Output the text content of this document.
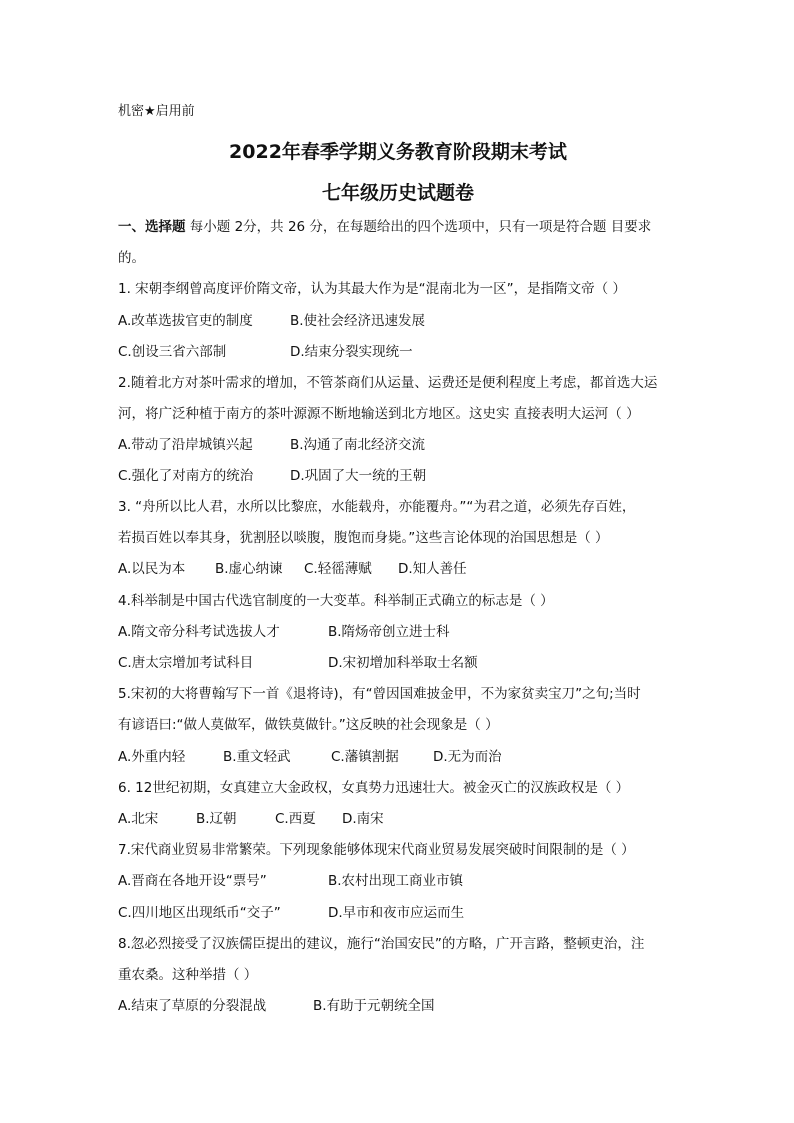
机密★启用前
2022年春季学期义务教育阶段期末考试
七年级历史试题卷
一、选择题 每小题 2分，共 26 分，在每题给出的四个选项中，只有一项是符合题 目要求
的。
1. 宋朝李纲曾高度评价隋文帝，认为其最大作为是“混南北为一区”，是指隋文帝（ ）
A.改革选拔官吏的制度	B.使社会经济迅速发展
C.创设三省六部制	D.结束分裂实现统一
2.随着北方对茶叶需求的增加，不管茶商们从运量、运费还是便利程度上考虑，都首选大运
河，将广泛种植于南方的茶叶源源不断地输送到北方地区。这史实 直接表明大运河（ ）
A.带动了沿岸城镇兴起	B.沟通了南北经济交流
C.强化了对南方的统治	D.巩固了大一统的王朝
3. “舟所以比人君，水所以比黎庶，水能载舟，亦能覆舟。”“为君之道，必须先存百姓，
若损百姓以奉其身，犹割胫以啖腹，腹饱而身毙。”这些言论体现的治国思想是（ ）
A.以民为本 B.虚心纳谏 C.轻徭薄赋 D.知人善任
4.科举制是中国古代选官制度的一大变革。科举制正式确立的标志是（ ）
A.隋文帝分科考试选拔人才	B.隋炀帝创立进士科
C.唐太宗增加考试科目	D.宋初增加科举取士名额
5.宋初的大将曹翰写下一首《退将诗)，有“曾因国难披金甲，不为家贫卖宝刀”之句;当时
有谚语曰:“做人莫做军，做铁莫做针。”这反映的社会现象是（ ）
A.外重内轻	B.重文轻武	C.藩镇割据	D.无为而治
6. 12世纪初期，女真建立大金政权，女真势力迅速壮大。被金灭亡的汉族政权是（ ）
A.北宋	B.辽朝	C.西夏 D.南宋
7.宋代商业贸易非常繁荣。下列现象能够体现宋代商业贸易发展突破时间限制的是（ ）
A.晋商在各地开设“票号”	B.农村出现工商业市镇
C.四川地区出现纸币“交子”	D.早市和夜市应运而生
8.忽必烈接受了汉族儒臣提出的建议，施行“治国安民”的方略，广开言路，整顿吏治，注
重农桑。这种举措（ ）
A.结束了草原的分裂混战	B.有助于元朝统全国
